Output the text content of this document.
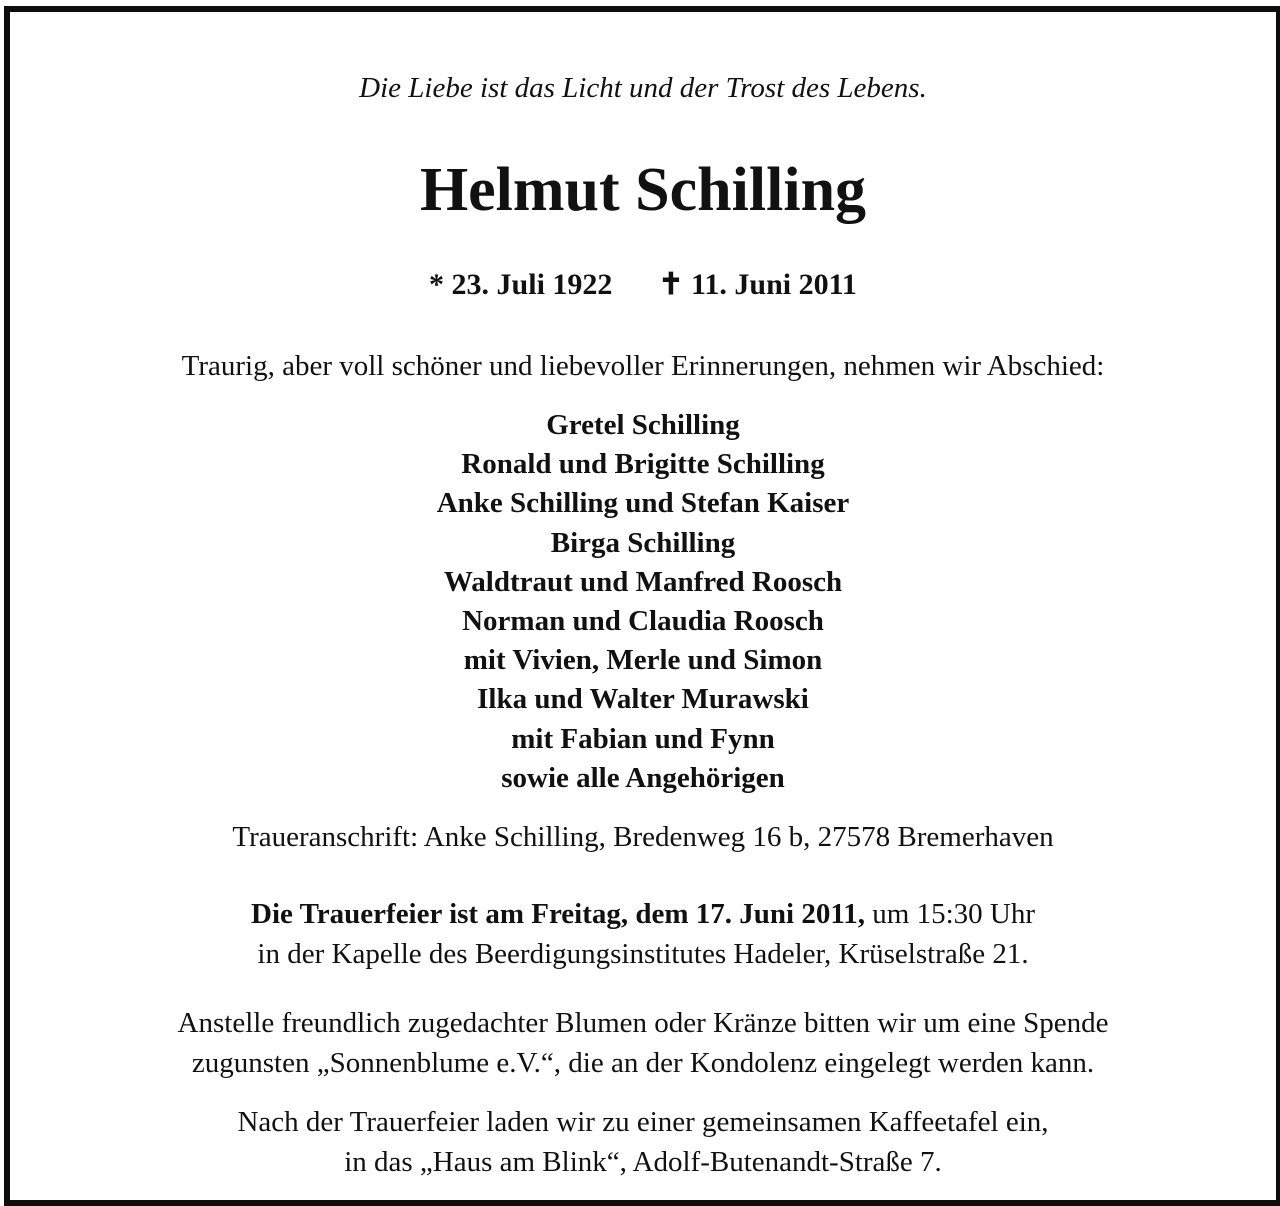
Die Liebe ist das Licht und der Trost des Lebens.
Helmut Schilling
* 23. Juli 1922 ✝ 11. Juni 2011
Traurig, aber voll schöner und liebevoller Erinnerungen, nehmen wir Abschied:
Gretel Schilling
Ronald und Brigitte Schilling
Anke Schilling und Stefan Kaiser
Birga Schilling
Waldtraut und Manfred Roosch
Norman und Claudia Roosch
mit Vivien, Merle und Simon
Ilka und Walter Murawski
mit Fabian und Fynn
sowie alle Angehörigen
Traueranschrift: Anke Schilling, Bredenweg 16 b, 27578 Bremerhaven
Die Trauerfeier ist am Freitag, dem 17. Juni 2011, um 15:30 Uhr
in der Kapelle des Beerdigungsinstitutes Hadeler, Krüselstraße 21.
Anstelle freundlich zugedachter Blumen oder Kränze bitten wir um eine Spende
zugunsten „Sonnenblume e.V.“, die an der Kondolenz eingelegt werden kann.
Nach der Trauerfeier laden wir zu einer gemeinsamen Kaffeetafel ein,
in das „Haus am Blink“, Adolf-Butenandt-Straße 7.
